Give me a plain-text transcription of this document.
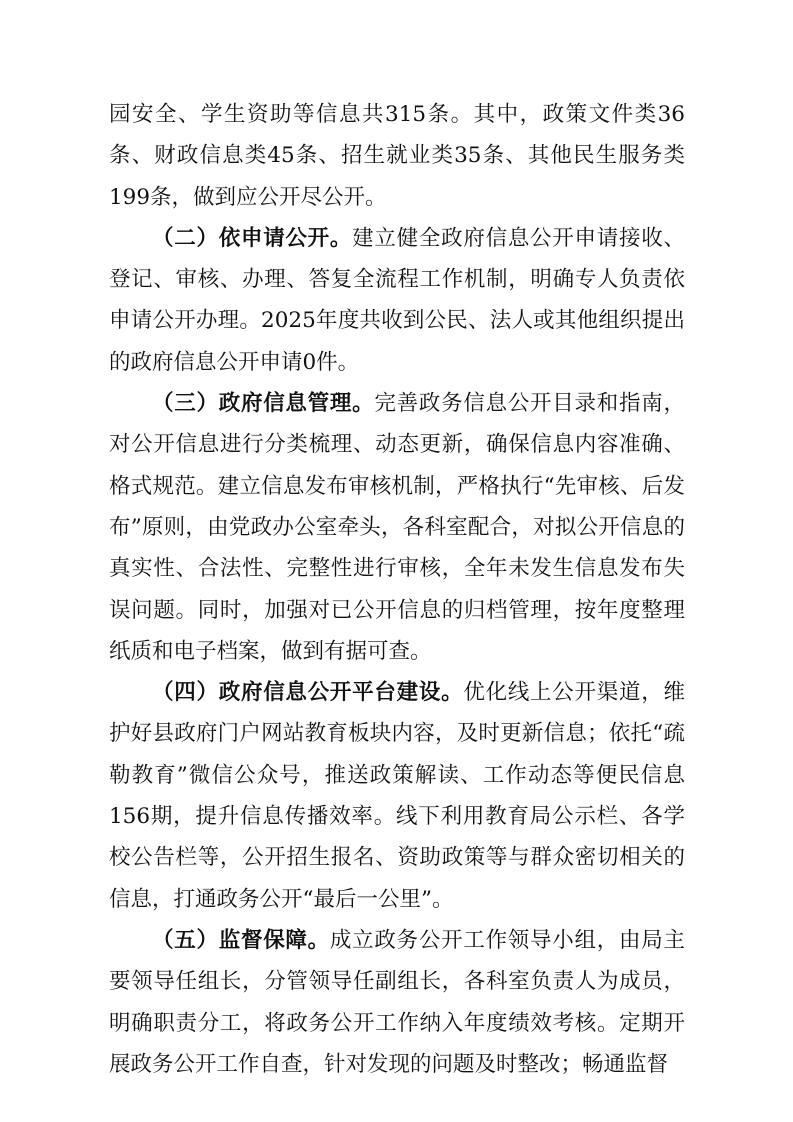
园安全、学生资助等信息共315条。其中，政策文件类36条、财政信息类45条、招生就业类35条、其他民生服务类199条，做到应公开尽公开。

（二）依申请公开。建立健全政府信息公开申请接收、登记、审核、办理、答复全流程工作机制，明确专人负责依申请公开办理。2025年度共收到公民、法人或其他组织提出的政府信息公开申请0件。

（三）政府信息管理。完善政务信息公开目录和指南，对公开信息进行分类梳理、动态更新，确保信息内容准确、格式规范。建立信息发布审核机制，严格执行“先审核、后发布”原则，由党政办公室牵头，各科室配合，对拟公开信息的真实性、合法性、完整性进行审核，全年未发生信息发布失误问题。同时，加强对已公开信息的归档管理，按年度整理纸质和电子档案，做到有据可查。

（四）政府信息公开平台建设。优化线上公开渠道，维护好县政府门户网站教育板块内容，及时更新信息；依托“疏勒教育”微信公众号，推送政策解读、工作动态等便民信息156期，提升信息传播效率。线下利用教育局公示栏、各学校公告栏等，公开招生报名、资助政策等与群众密切相关的信息，打通政务公开“最后一公里”。

（五）监督保障。成立政务公开工作领导小组，由局主要领导任组长，分管领导任副组长，各科室负责人为成员，明确职责分工，将政务公开工作纳入年度绩效考核。定期开展政务公开工作自查，针对发现的问题及时整改；畅通监督
